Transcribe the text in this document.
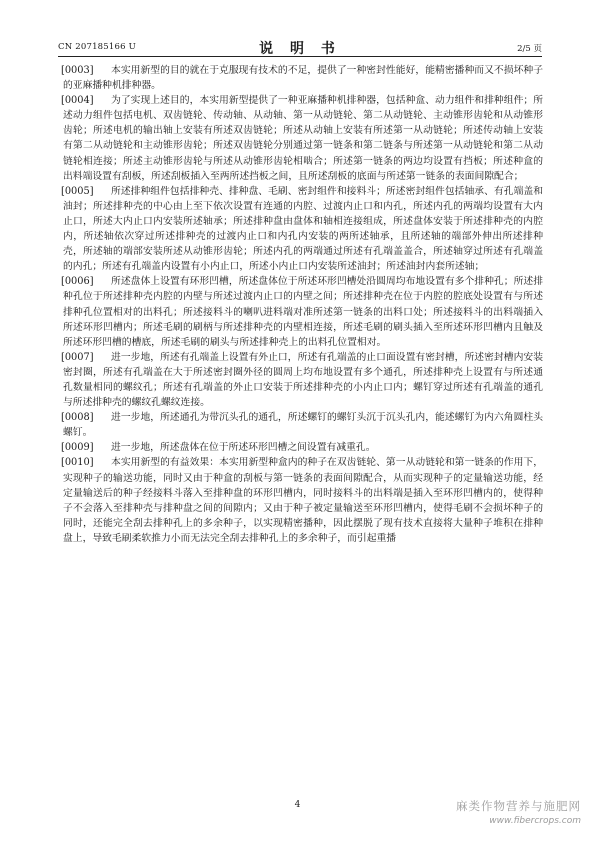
CN 207185166 U	说 明 书	2/5 页

[0003] 本实用新型的目的就在于克服现有技术的不足，提供了一种密封性能好，能精密播种而又不损坏种子的亚麻播种机排种器。

[0004] 为了实现上述目的，本实用新型提供了一种亚麻播种机排种器，包括种盒、动力组件和排种组件；所述动力组件包括电机、双齿链轮、传动轴、从动轴、第一从动链轮、第二从动链轮、主动锥形齿轮和从动锥形齿轮；所述电机的输出轴上安装有所述双齿链轮；所述从动轴上安装有所述第一从动链轮；所述传动轴上安装有第二从动链轮和主动锥形齿轮；所述双齿链轮分别通过第一链条和第二链条与所述第一从动链轮和第二从动链轮相连接；所述主动锥形齿轮与所述从动锥形齿轮相啮合；所述第一链条的两边均设置有挡板；所述种盒的出料端设置有刮板，所述刮板插入至两所述挡板之间，且所述刮板的底面与所述第一链条的表面间隙配合；

[0005] 所述排种组件包括排种壳、排种盘、毛刷、密封组件和接料斗；所述密封组件包括轴承、有孔端盖和油封；所述排种壳的中心由上至下依次设置有连通的内腔、过渡内止口和内孔，所述内孔的两端均设置有大内止口，所述大内止口内安装所述轴承；所述排种盘由盘体和轴相连接组成，所述盘体安装于所述排种壳的内腔内，所述轴依次穿过所述排种壳的过渡内止口和内孔内安装的两所述轴承，且所述轴的端部外伸出所述排种壳，所述轴的端部安装所述从动锥形齿轮；所述内孔的两端通过所述有孔端盖盖合，所述轴穿过所述有孔端盖的内孔；所述有孔端盖内设置有小内止口，所述小内止口内安装所述油封；所述油封内套所述轴；

[0006] 所述盘体上设置有环形凹槽，所述盘体位于所述环形凹槽处沿圆周均布地设置有多个排种孔；所述排种孔位于所述排种壳内腔的内壁与所述过渡内止口的内壁之间；所述排种壳在位于内腔的腔底处设置有与所述排种孔位置相对的出料孔；所述接料斗的喇叭进料端对准所述第一链条的出料口处；所述接料斗的出料端插入所述环形凹槽内；所述毛刷的刷柄与所述排种壳的内壁相连接，所述毛刷的刷头插入至所述环形凹槽内且触及所述环形凹槽的槽底，所述毛刷的刷头与所述排种壳上的出料孔位置相对。

[0007] 进一步地，所述有孔端盖上设置有外止口，所述有孔端盖的止口面设置有密封槽，所述密封槽内安装密封圈，所述有孔端盖在大于所述密封圈外径的圆周上均布地设置有多个通孔，所述排种壳上设置有与所述通孔数量相同的螺纹孔；所述有孔端盖的外止口安装于所述排种壳的小内止口内；螺钉穿过所述有孔端盖的通孔与所述排种壳的螺纹孔螺纹连接。

[0008] 进一步地，所述通孔为带沉头孔的通孔，所述螺钉的螺钉头沉于沉头孔内，能述螺钉为内六角圆柱头螺钉。

[0009] 进一步地，所述盘体在位于所述环形凹槽之间设置有减重孔。

[0010] 本实用新型的有益效果：本实用新型种盒内的种子在双齿链轮、第一从动链轮和第一链条的作用下，实现种子的输送功能，同时又由于种盒的刮板与第一链条的表面间隙配合，从而实现种子的定量输送功能，经定量输送后的种子经接料斗落入至排种盘的环形凹槽内，同时接料斗的出料端是插入至环形凹槽内的，使得种子不会落入至排种壳与排种盘之间的间隙内；又由于种子被定量输送至环形凹槽内，使得毛刷不会损坏种子的同时，还能完全刮去排种孔上的多余种子，以实现精密播种，因此摆脱了现有技术直接将大量种子堆积在排种盘上，导致毛刷柔软推力小而无法完全刮去排种孔上的多余种子，而引起重播

4	麻类作物营养与施肥网
www.fibercrops.com
